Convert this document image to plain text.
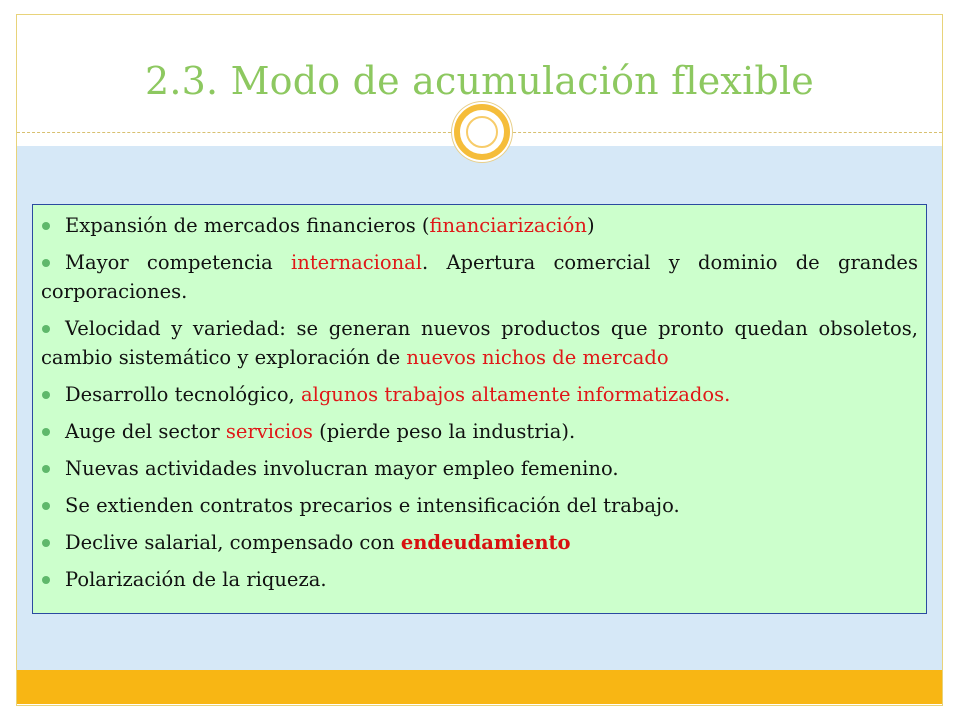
2.3. Modo de acumulación flexible
Expansión de mercados financieros (financiarización)
Mayor competencia internacional. Apertura comercial y dominio de grandes corporaciones.
Velocidad y variedad: se generan nuevos productos que pronto quedan obsoletos, cambio sistemático y exploración de nuevos nichos de mercado
Desarrollo tecnológico, algunos trabajos altamente informatizados.
Auge del sector servicios (pierde peso la industria).
Nuevas actividades involucran mayor empleo femenino.
Se extienden contratos precarios e intensificación del trabajo.
Declive salarial, compensado con endeudamiento
Polarización de la riqueza.
